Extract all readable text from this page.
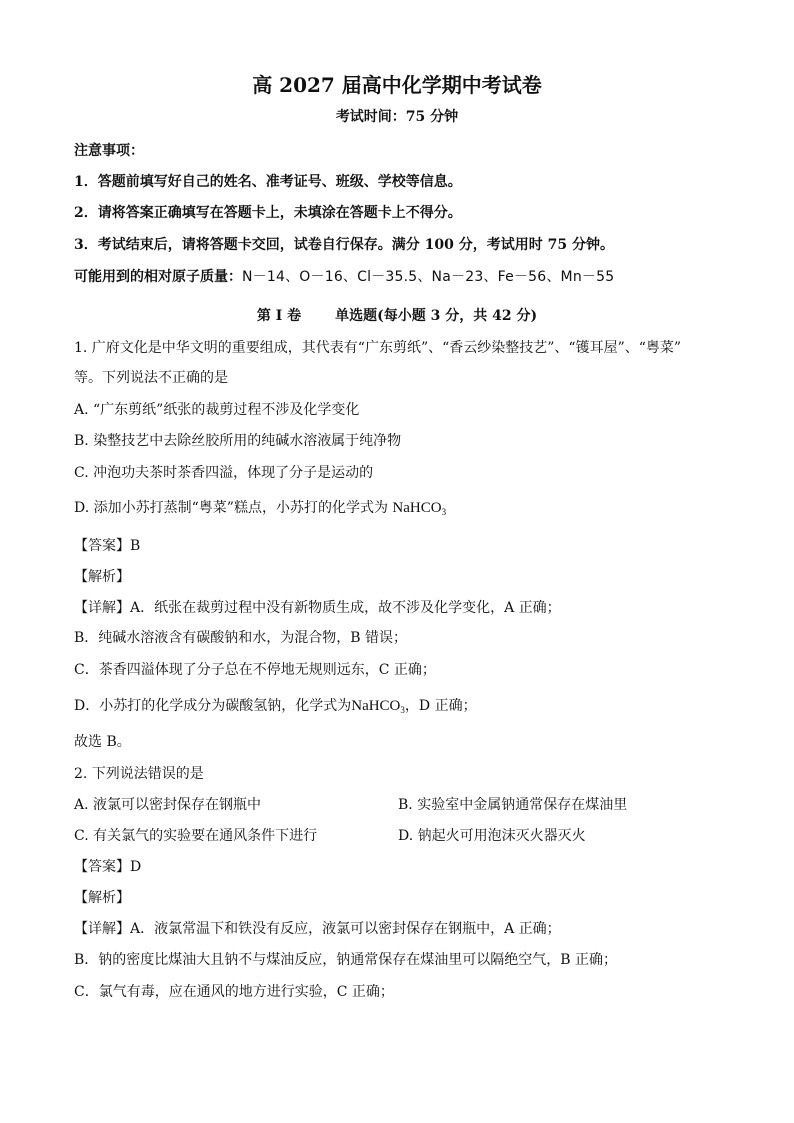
高 2027 届高中化学期中考试卷
考试时间：75 分钟
注意事项：
1．答题前填写好自己的姓名、准考证号、班级、学校等信息。
2．请将答案正确填写在答题卡上，未填涂在答题卡上不得分。
3．考试结束后，请将答题卡交回，试卷自行保存。满分 100 分，考试用时 75 分钟。
可能用到的相对原子质量：N－14、O－16、Cl－35.5、Na－23、Fe－56、Mn－55
第 I 卷 单选题(每小题 3 分，共 42 分)
1. 广府文化是中华文明的重要组成，其代表有“广东剪纸”、“香云纱染整技艺”、“镬耳屋”、“粤菜”
等。下列说法不正确的是
A. “广东剪纸”纸张的裁剪过程不涉及化学变化
B. 染整技艺中去除丝胶所用的纯碱水溶液属于纯净物
C. 冲泡功夫茶时茶香四溢，体现了分子是运动的
D. 添加小苏打蒸制“粤菜”糕点，小苏打的化学式为 NaHCO$_3$
【答案】B
【解析】
【详解】A．纸张在裁剪过程中没有新物质生成，故不涉及化学变化，A 正确；
B．纯碱水溶液含有碳酸钠和水，为混合物，B 错误；
C．茶香四溢体现了分子总在不停地无规则远东，C 正确；
D．小苏打的化学成分为碳酸氢钠，化学式为NaHCO$_3$，D 正确；
故选 B。
2. 下列说法错误的是
A. 液氯可以密封保存在钢瓶中	B. 实验室中金属钠通常保存在煤油里
C. 有关氯气的实验要在通风条件下进行	D. 钠起火可用泡沫灭火器灭火
【答案】D
【解析】
【详解】A．液氯常温下和铁没有反应，液氯可以密封保存在钢瓶中，A 正确；
B．钠的密度比煤油大且钠不与煤油反应，钠通常保存在煤油里可以隔绝空气，B 正确；
C．氯气有毒，应在通风的地方进行实验，C 正确；
